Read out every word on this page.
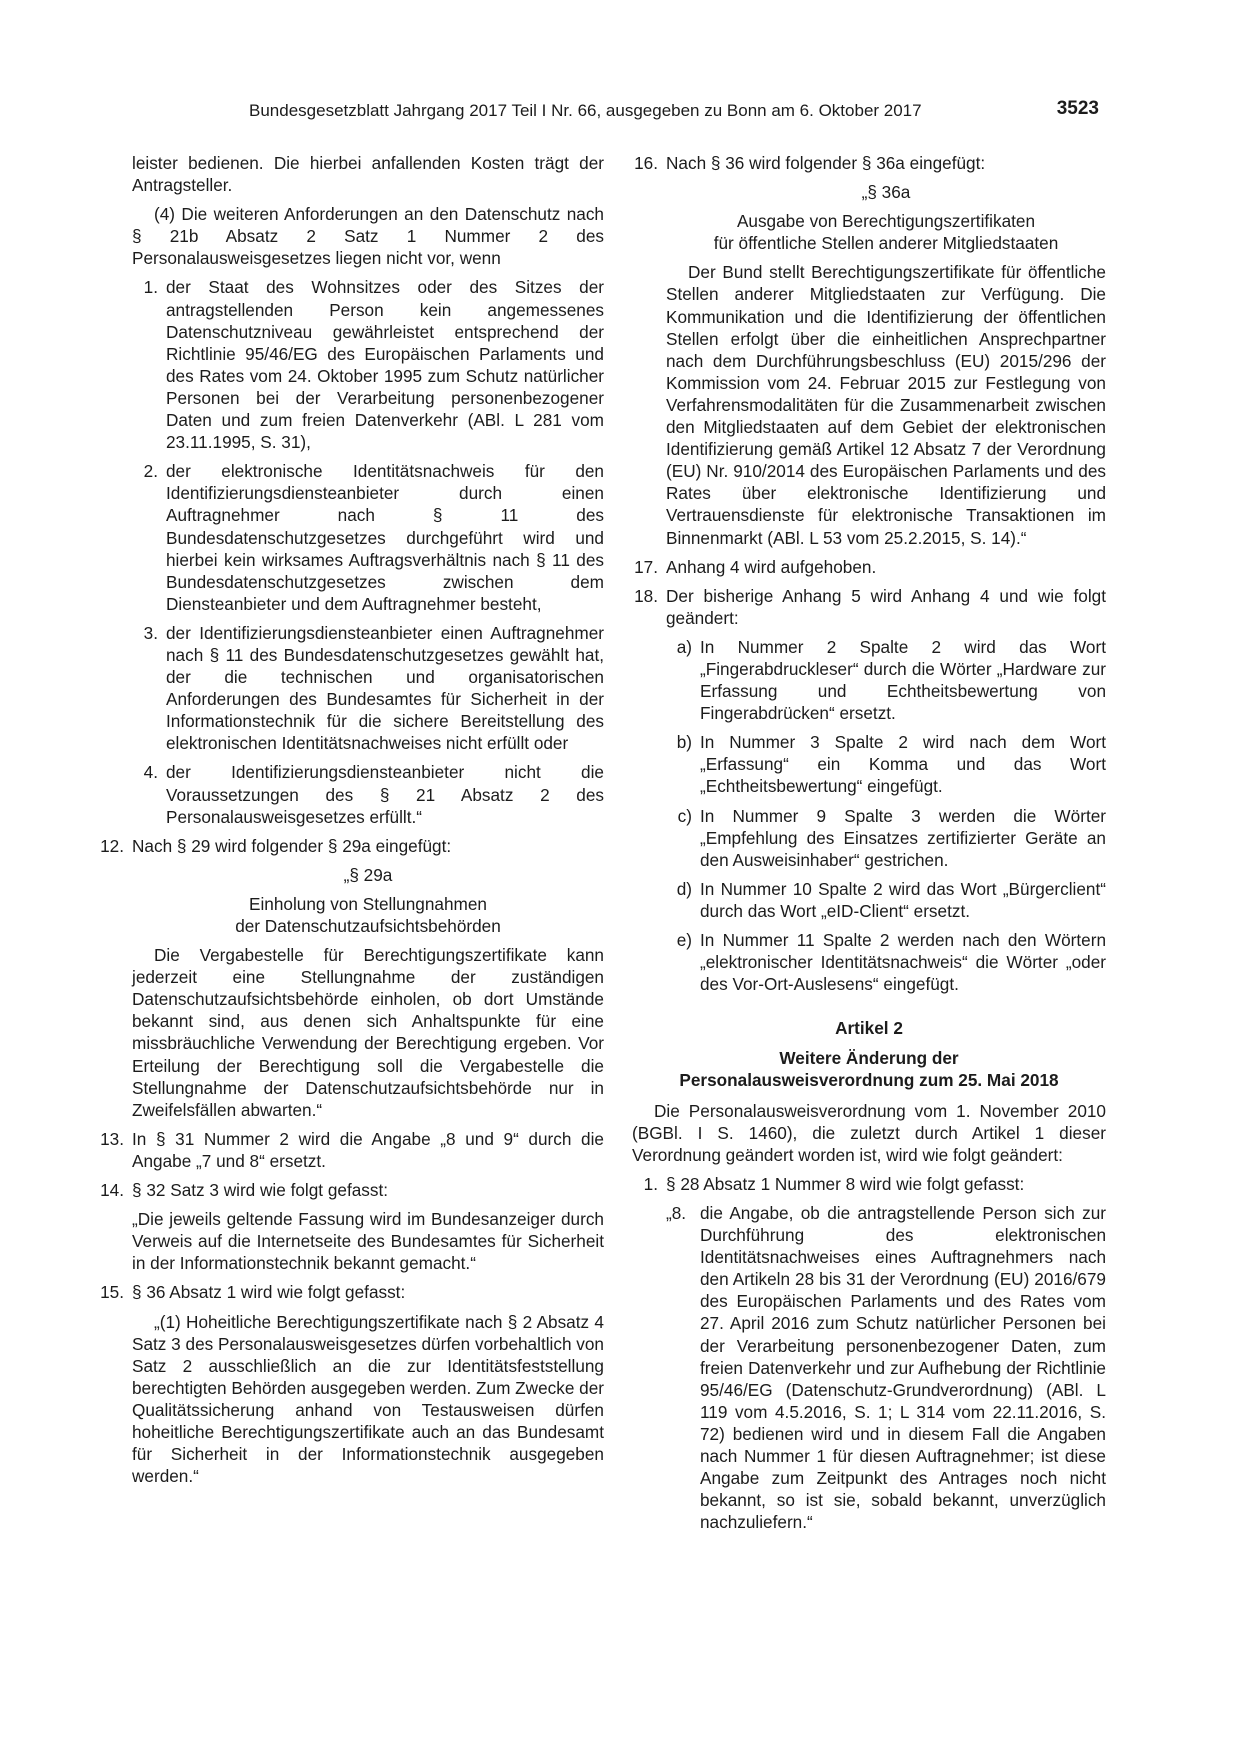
Bundesgesetzblatt Jahrgang 2017 Teil I Nr. 66, ausgegeben zu Bonn am 6. Oktober 2017	3523

leister bedienen. Die hierbei anfallenden Kosten trägt der Antragsteller.

(4) Die weiteren Anforderungen an den Datenschutz nach § 21b Absatz 2 Satz 1 Nummer 2 des Personalausweisgesetzes liegen nicht vor, wenn

1. der Staat des Wohnsitzes oder des Sitzes der antragstellenden Person kein angemessenes Datenschutzniveau gewährleistet entsprechend der Richtlinie 95/46/EG des Europäischen Parlaments und des Rates vom 24. Oktober 1995 zum Schutz natürlicher Personen bei der Verarbeitung personenbezogener Daten und zum freien Datenverkehr (ABl. L 281 vom 23.11.1995, S. 31),
2. der elektronische Identitätsnachweis für den Identifizierungsdiensteanbieter durch einen Auftragnehmer nach § 11 des Bundesdatenschutzgesetzes durchgeführt wird und hierbei kein wirksames Auftragsverhältnis nach § 11 des Bundesdatenschutzgesetzes zwischen dem Diensteanbieter und dem Auftragnehmer besteht,
3. der Identifizierungsdiensteanbieter einen Auftragnehmer nach § 11 des Bundesdatenschutzgesetzes gewählt hat, der die technischen und organisatorischen Anforderungen des Bundesamtes für Sicherheit in der Informationstechnik für die sichere Bereitstellung des elektronischen Identitätsnachweises nicht erfüllt oder
4. der Identifizierungsdiensteanbieter nicht die Voraussetzungen des § 21 Absatz 2 des Personalausweisgesetzes erfüllt.“
12. Nach § 29 wird folgender § 29a eingefügt:
„§ 29a
Einholung von Stellungnahmen
der Datenschutzaufsichtsbehörden

Die Vergabestelle für Berechtigungszertifikate kann jederzeit eine Stellungnahme der zuständigen Datenschutzaufsichtsbehörde einholen, ob dort Umstände bekannt sind, aus denen sich Anhaltspunkte für eine missbräuchliche Verwendung der Berechtigung ergeben. Vor Erteilung der Berechtigung soll die Vergabestelle die Stellungnahme der Datenschutzaufsichtsbehörde nur in Zweifelsfällen abwarten.“

13. In § 31 Nummer 2 wird die Angabe „8 und 9“ durch die Angabe „7 und 8“ ersetzt.
14. § 32 Satz 3 wird wie folgt gefasst:

„Die jeweils geltende Fassung wird im Bundesanzeiger durch Verweis auf die Internetseite des Bundesamtes für Sicherheit in der Informationstechnik bekannt gemacht.“

15. § 36 Absatz 1 wird wie folgt gefasst:

„(1) Hoheitliche Berechtigungszertifikate nach § 2 Absatz 4 Satz 3 des Personalausweisgesetzes dürfen vorbehaltlich von Satz 2 ausschließlich an die zur Identitätsfeststellung berechtigten Behörden ausgegeben werden. Zum Zwecke der Qualitätssicherung anhand von Testausweisen dürfen hoheitliche Berechtigungszertifikate auch an das Bundesamt für Sicherheit in der Informationstechnik ausgegeben werden.“

16. Nach § 36 wird folgender § 36a eingefügt:
„§ 36a
Ausgabe von Berechtigungszertifikaten
für öffentliche Stellen anderer Mitgliedstaaten

Der Bund stellt Berechtigungszertifikate für öffentliche Stellen anderer Mitgliedstaaten zur Verfügung. Die Kommunikation und die Identifizierung der öffentlichen Stellen erfolgt über die einheitlichen Ansprechpartner nach dem Durchführungsbeschluss (EU) 2015/296 der Kommission vom 24. Februar 2015 zur Festlegung von Verfahrensmodalitäten für die Zusammenarbeit zwischen den Mitgliedstaaten auf dem Gebiet der elektronischen Identifizierung gemäß Artikel 12 Absatz 7 der Verordnung (EU) Nr. 910/2014 des Europäischen Parlaments und des Rates über elektronische Identifizierung und Vertrauensdienste für elektronische Transaktionen im Binnenmarkt (ABl. L 53 vom 25.2.2015, S. 14).“

17. Anhang 4 wird aufgehoben.
18. Der bisherige Anhang 5 wird Anhang 4 und wie folgt geändert:
a) In Nummer 2 Spalte 2 wird das Wort „Fingerabdruckleser“ durch die Wörter „Hardware zur Erfassung und Echtheitsbewertung von Fingerabdrücken“ ersetzt.
b) In Nummer 3 Spalte 2 wird nach dem Wort „Erfassung“ ein Komma und das Wort „Echtheitsbewertung“ eingefügt.
c) In Nummer 9 Spalte 3 werden die Wörter „Empfehlung des Einsatzes zertifizierter Geräte an den Ausweisinhaber“ gestrichen.
d) In Nummer 10 Spalte 2 wird das Wort „Bürgerclient“ durch das Wort „eID-Client“ ersetzt.
e) In Nummer 11 Spalte 2 werden nach den Wörtern „elektronischer Identitätsnachweis“ die Wörter „oder des Vor-Ort-Auslesens“ eingefügt.
Artikel 2
Weitere Änderung der
Personalausweisverordnung zum 25. Mai 2018

Die Personalausweisverordnung vom 1. November 2010 (BGBl. I S. 1460), die zuletzt durch Artikel 1 dieser Verordnung geändert worden ist, wird wie folgt geändert:

1. § 28 Absatz 1 Nummer 8 wird wie folgt gefasst:
„8. die Angabe, ob die antragstellende Person sich zur Durchführung des elektronischen Identitätsnachweises eines Auftragnehmers nach den Artikeln 28 bis 31 der Verordnung (EU) 2016/679 des Europäischen Parlaments und des Rates vom 27. April 2016 zum Schutz natürlicher Personen bei der Verarbeitung personenbezogener Daten, zum freien Datenverkehr und zur Aufhebung der Richtlinie 95/46/EG (Datenschutz-Grundverordnung) (ABl. L 119 vom 4.5.2016, S. 1; L 314 vom 22.11.2016, S. 72) bedienen wird und in diesem Fall die Angaben nach Nummer 1 für diesen Auftragnehmer; ist diese Angabe zum Zeitpunkt des Antrages noch nicht bekannt, so ist sie, sobald bekannt, unverzüglich nachzuliefern.“
